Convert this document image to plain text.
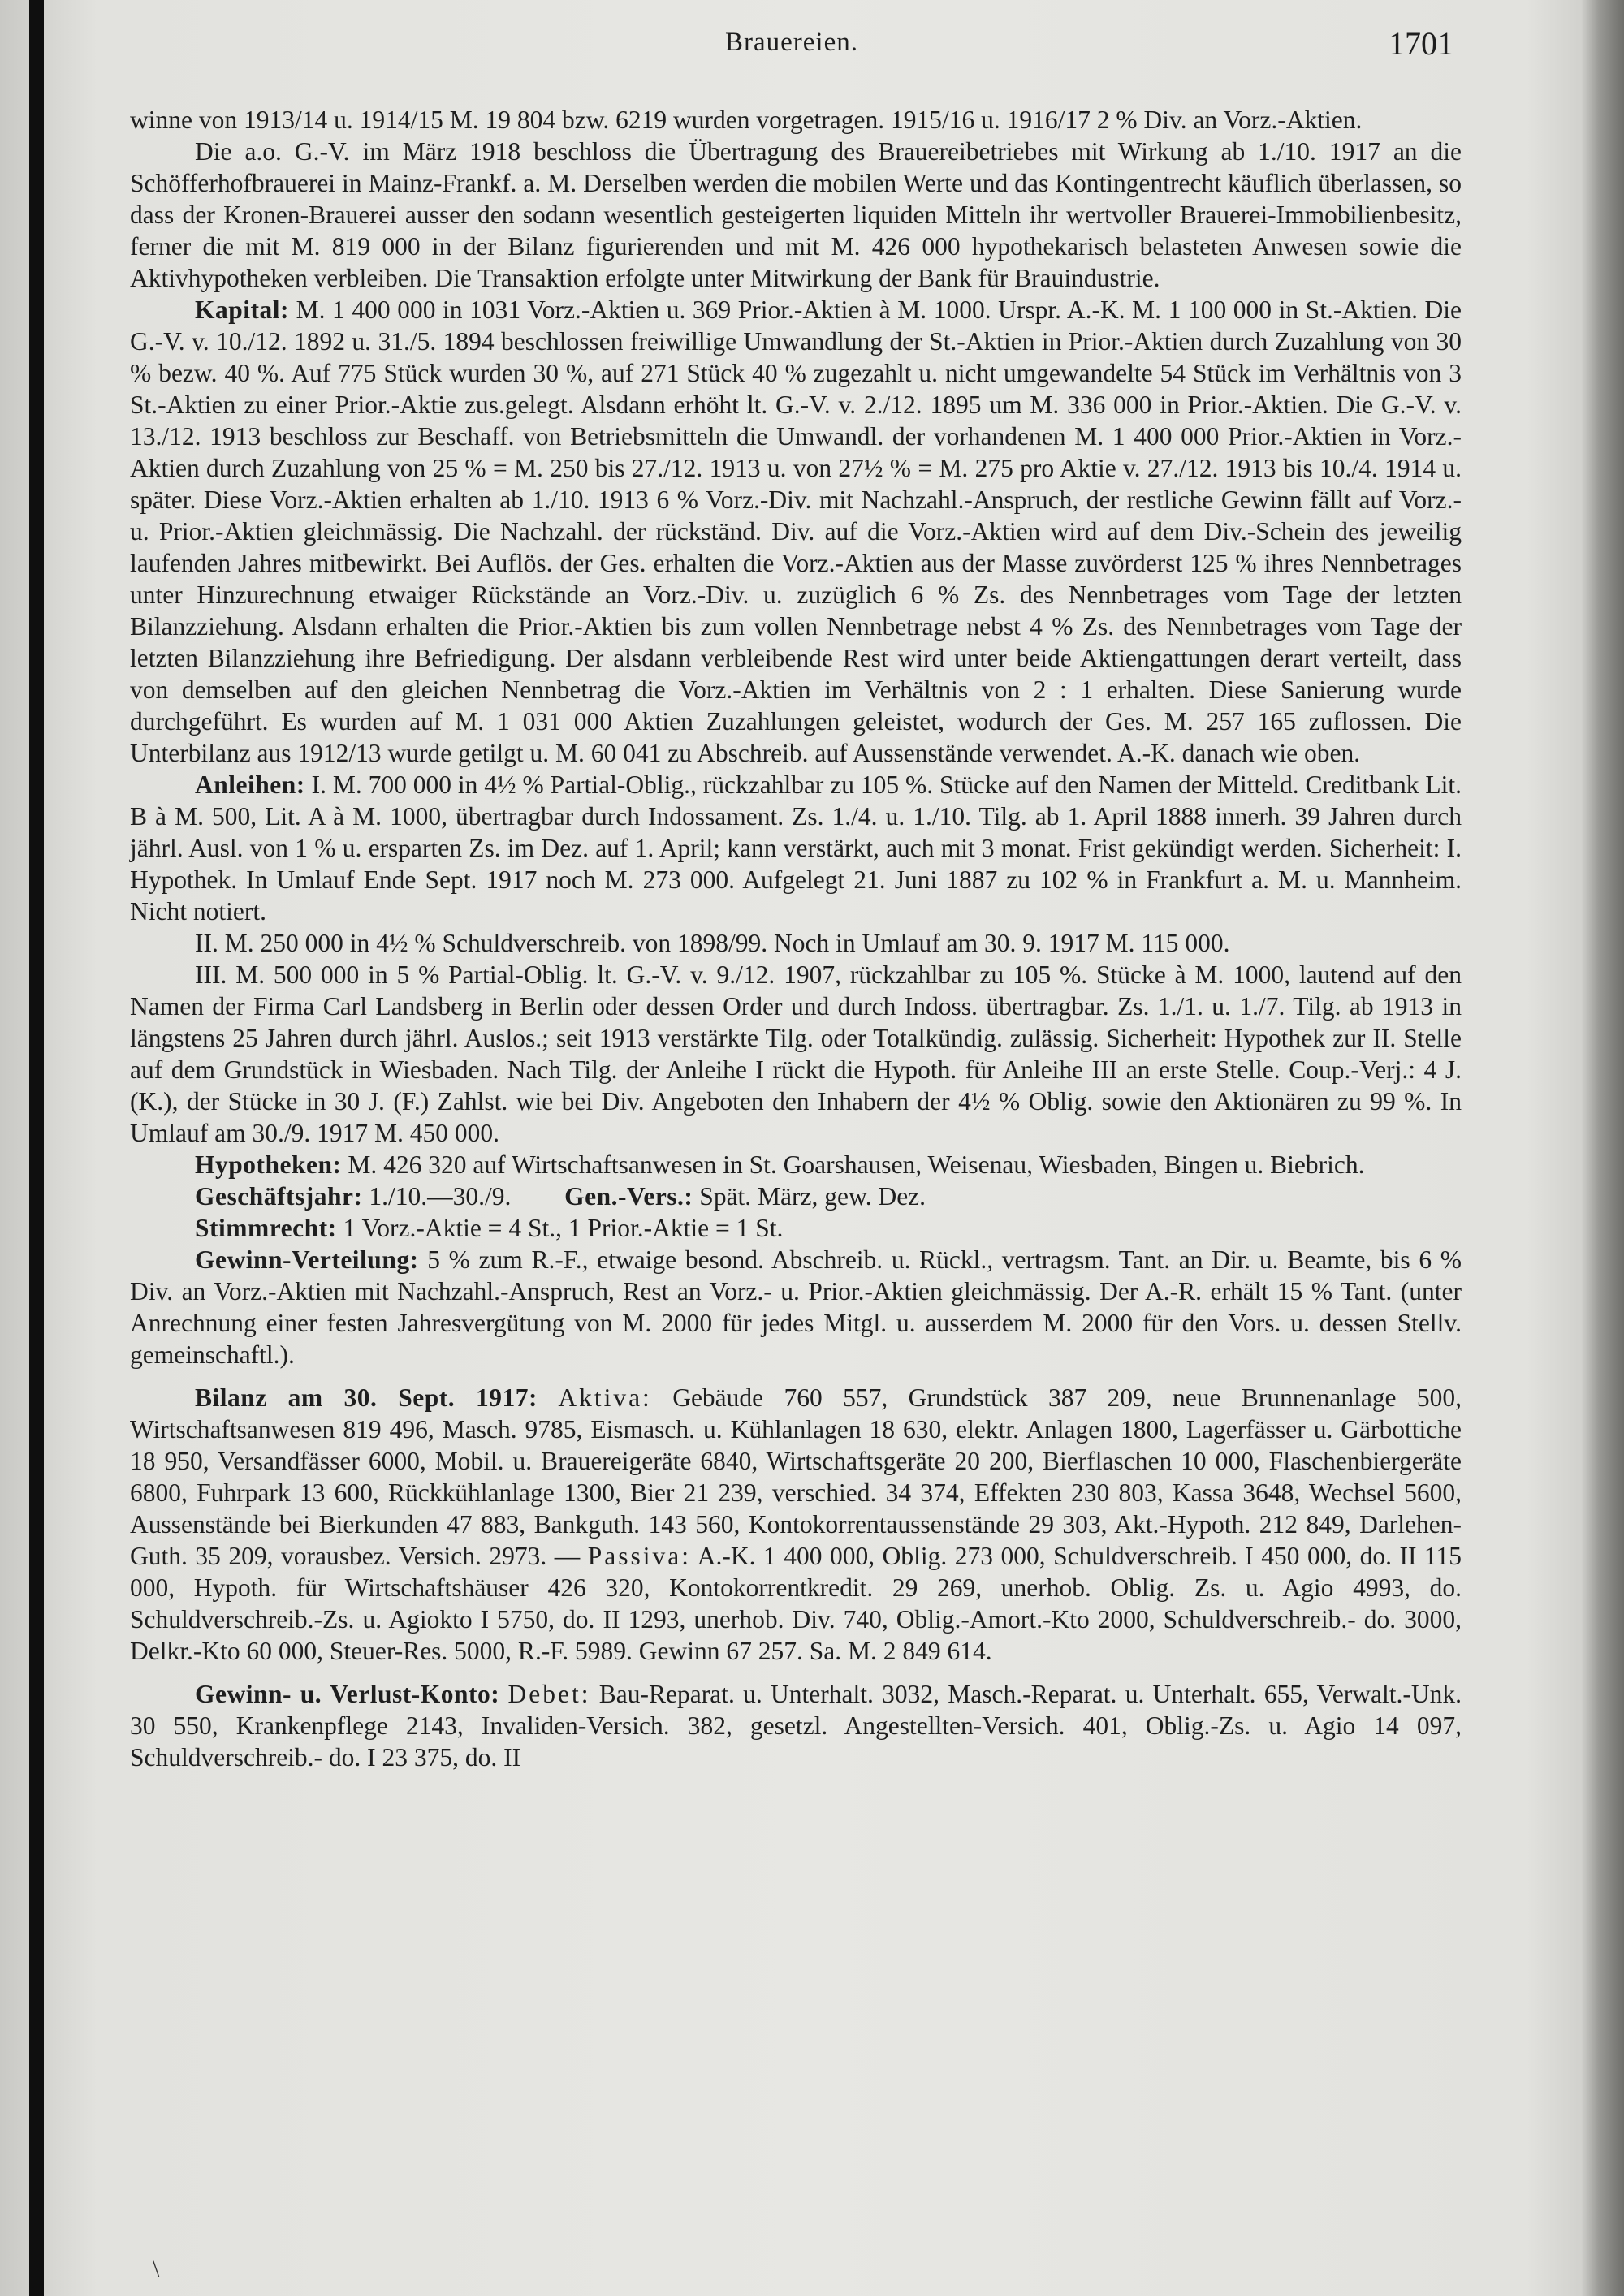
Brauereien.	1701

winne von 1913/14 u. 1914/15 M. 19 804 bzw. 6219 wurden vorgetragen. 1915/16 u. 1916/17 2 % Div. an Vorz.-Aktien.

Die a.o. G.-V. im März 1918 beschloss die Übertragung des Brauereibetriebes mit Wirkung ab 1./10. 1917 an die Schöfferhofbrauerei in Mainz-Frankf. a. M. Derselben werden die mobilen Werte und das Kontingentrecht käuflich überlassen, so dass der Kronen-Brauerei ausser den sodann wesentlich gesteigerten liquiden Mitteln ihr wertvoller Brauerei-Immobilienbesitz, ferner die mit M. 819 000 in der Bilanz figurierenden und mit M. 426 000 hypothekarisch belasteten Anwesen sowie die Aktivhypotheken verbleiben. Die Transaktion erfolgte unter Mitwirkung der Bank für Brauindustrie.

Kapital: M. 1 400 000 in 1031 Vorz.-Aktien u. 369 Prior.-Aktien à M. 1000. Urspr. A.-K. M. 1 100 000 in St.-Aktien. Die G.-V. v. 10./12. 1892 u. 31./5. 1894 beschlossen freiwillige Umwandlung der St.-Aktien in Prior.-Aktien durch Zuzahlung von 30 % bezw. 40 %. Auf 775 Stück wurden 30 %, auf 271 Stück 40 % zugezahlt u. nicht umgewandelte 54 Stück im Verhältnis von 3 St.-Aktien zu einer Prior.-Aktie zus.gelegt. Alsdann erhöht lt. G.-V. v. 2./12. 1895 um M. 336 000 in Prior.-Aktien. Die G.-V. v. 13./12. 1913 beschloss zur Beschaff. von Betriebsmitteln die Umwandl. der vorhandenen M. 1 400 000 Prior.-Aktien in Vorz.-Aktien durch Zuzahlung von 25 % = M. 250 bis 27./12. 1913 u. von 27½ % = M. 275 pro Aktie v. 27./12. 1913 bis 10./4. 1914 u. später. Diese Vorz.-Aktien erhalten ab 1./10. 1913 6 % Vorz.-Div. mit Nachzahl.-Anspruch, der restliche Gewinn fällt auf Vorz.- u. Prior.-Aktien gleichmässig. Die Nachzahl. der rückständ. Div. auf die Vorz.-Aktien wird auf dem Div.-Schein des jeweilig laufenden Jahres mitbewirkt. Bei Auflös. der Ges. erhalten die Vorz.-Aktien aus der Masse zuvörderst 125 % ihres Nennbetrages unter Hinzurechnung etwaiger Rückstände an Vorz.-Div. u. zuzüglich 6 % Zs. des Nennbetrages vom Tage der letzten Bilanzziehung. Alsdann erhalten die Prior.-Aktien bis zum vollen Nennbetrage nebst 4 % Zs. des Nennbetrages vom Tage der letzten Bilanzziehung ihre Befriedigung. Der alsdann verbleibende Rest wird unter beide Aktiengattungen derart verteilt, dass von demselben auf den gleichen Nennbetrag die Vorz.-Aktien im Verhältnis von 2 : 1 erhalten. Diese Sanierung wurde durchgeführt. Es wurden auf M. 1 031 000 Aktien Zuzahlungen geleistet, wodurch der Ges. M. 257 165 zuflossen. Die Unterbilanz aus 1912/13 wurde getilgt u. M. 60 041 zu Abschreib. auf Aussenstände verwendet. A.-K. danach wie oben.

Anleihen: I. M. 700 000 in 4½ % Partial-Oblig., rückzahlbar zu 105 %. Stücke auf den Namen der Mitteld. Creditbank Lit. B à M. 500, Lit. A à M. 1000, übertragbar durch Indossament. Zs. 1./4. u. 1./10. Tilg. ab 1. April 1888 innerh. 39 Jahren durch jährl. Ausl. von 1 % u. ersparten Zs. im Dez. auf 1. April; kann verstärkt, auch mit 3 monat. Frist gekündigt werden. Sicherheit: I. Hypothek. In Umlauf Ende Sept. 1917 noch M. 273 000. Aufgelegt 21. Juni 1887 zu 102 % in Frankfurt a. M. u. Mannheim. Nicht notiert.

II. M. 250 000 in 4½ % Schuldverschreib. von 1898/99. Noch in Umlauf am 30. 9. 1917 M. 115 000.

III. M. 500 000 in 5 % Partial-Oblig. lt. G.-V. v. 9./12. 1907, rückzahlbar zu 105 %. Stücke à M. 1000, lautend auf den Namen der Firma Carl Landsberg in Berlin oder dessen Order und durch Indoss. übertragbar. Zs. 1./1. u. 1./7. Tilg. ab 1913 in längstens 25 Jahren durch jährl. Auslos.; seit 1913 verstärkte Tilg. oder Totalkündig. zulässig. Sicherheit: Hypothek zur II. Stelle auf dem Grundstück in Wiesbaden. Nach Tilg. der Anleihe I rückt die Hypoth. für Anleihe III an erste Stelle. Coup.-Verj.: 4 J. (K.), der Stücke in 30 J. (F.) Zahlst. wie bei Div. Angeboten den Inhabern der 4½ % Oblig. sowie den Aktionären zu 99 %. In Umlauf am 30./9. 1917 M. 450 000.

Hypotheken: M. 426 320 auf Wirtschaftsanwesen in St. Goarshausen, Weisenau, Wiesbaden, Bingen u. Biebrich.

Geschäftsjahr: 1./10.—30./9. Gen.-Vers.: Spät. März, gew. Dez.

Stimmrecht: 1 Vorz.-Aktie = 4 St., 1 Prior.-Aktie = 1 St.

Gewinn-Verteilung: 5 % zum R.-F., etwaige besond. Abschreib. u. Rückl., vertragsm. Tant. an Dir. u. Beamte, bis 6 % Div. an Vorz.-Aktien mit Nachzahl.-Anspruch, Rest an Vorz.- u. Prior.-Aktien gleichmässig. Der A.-R. erhält 15 % Tant. (unter Anrechnung einer festen Jahresvergütung von M. 2000 für jedes Mitgl. u. ausserdem M. 2000 für den Vors. u. dessen Stellv. gemeinschaftl.).

Bilanz am 30. Sept. 1917: Aktiva: Gebäude 760 557, Grundstück 387 209, neue Brunnenanlage 500, Wirtschaftsanwesen 819 496, Masch. 9785, Eismasch. u. Kühlanlagen 18 630, elektr. Anlagen 1800, Lagerfässer u. Gärbottiche 18 950, Versandfässer 6000, Mobil. u. Brauereigeräte 6840, Wirtschaftsgeräte 20 200, Bierflaschen 10 000, Flaschenbiergeräte 6800, Fuhrpark 13 600, Rückkühlanlage 1300, Bier 21 239, verschied. 34 374, Effekten 230 803, Kassa 3648, Wechsel 5600, Aussenstände bei Bierkunden 47 883, Bankguth. 143 560, Kontokorrentaussenstände 29 303, Akt.-Hypoth. 212 849, Darlehen-Guth. 35 209, vorausbez. Versich. 2973. — Passiva: A.-K. 1 400 000, Oblig. 273 000, Schuldverschreib. I 450 000, do. II 115 000, Hypoth. für Wirtschaftshäuser 426 320, Kontokorrentkredit. 29 269, unerhob. Oblig. Zs. u. Agio 4993, do. Schuldverschreib.-Zs. u. Agiokto I 5750, do. II 1293, unerhob. Div. 740, Oblig.-Amort.-Kto 2000, Schuldverschreib.- do. 3000, Delkr.-Kto 60 000, Steuer-Res. 5000, R.-F. 5989. Gewinn 67 257. Sa. M. 2 849 614.

Gewinn- u. Verlust-Konto: Debet: Bau-Reparat. u. Unterhalt. 3032, Masch.-Reparat. u. Unterhalt. 655, Verwalt.-Unk. 30 550, Krankenpflege 2143, Invaliden-Versich. 382, gesetzl. Angestellten-Versich. 401, Oblig.-Zs. u. Agio 14 097, Schuldverschreib.- do. I 23 375, do. II

\
